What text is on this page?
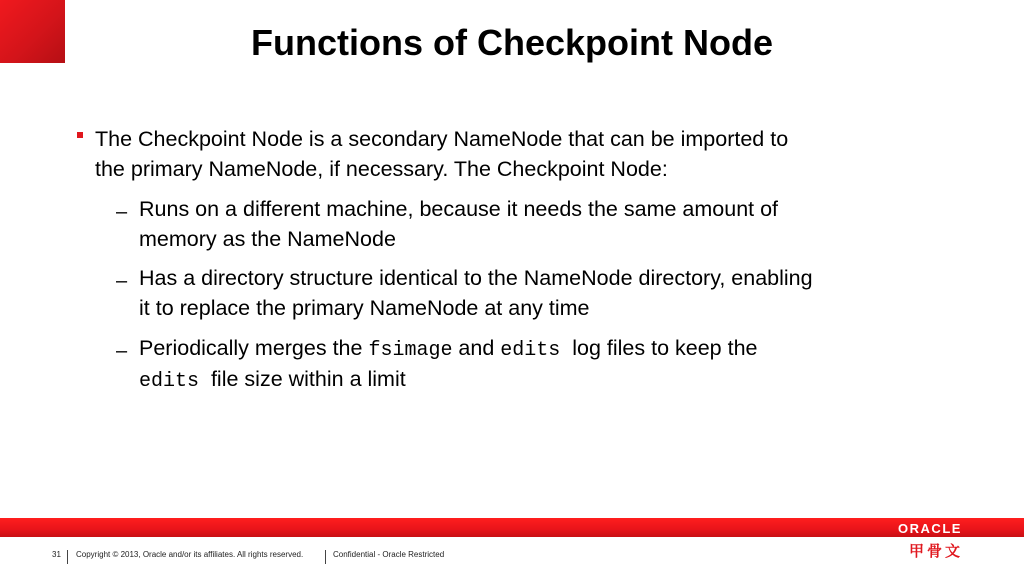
Functions of Checkpoint Node
The Checkpoint Node is a secondary NameNode that can be imported to
the primary NameNode, if necessary. The Checkpoint Node:
– Runs on a different machine, because it needs the same amount of
memory as the NameNode
– Has a directory structure identical to the NameNode directory, enabling
it to replace the primary NameNode at any time
– Periodically merges the fsimage and edits  log files to keep the
edits  file size within a limit
ORACLE
甲骨文
31 Copyright © 2013, Oracle and/or its affiliates. All rights reserved.	Confidential - Oracle Restricted
